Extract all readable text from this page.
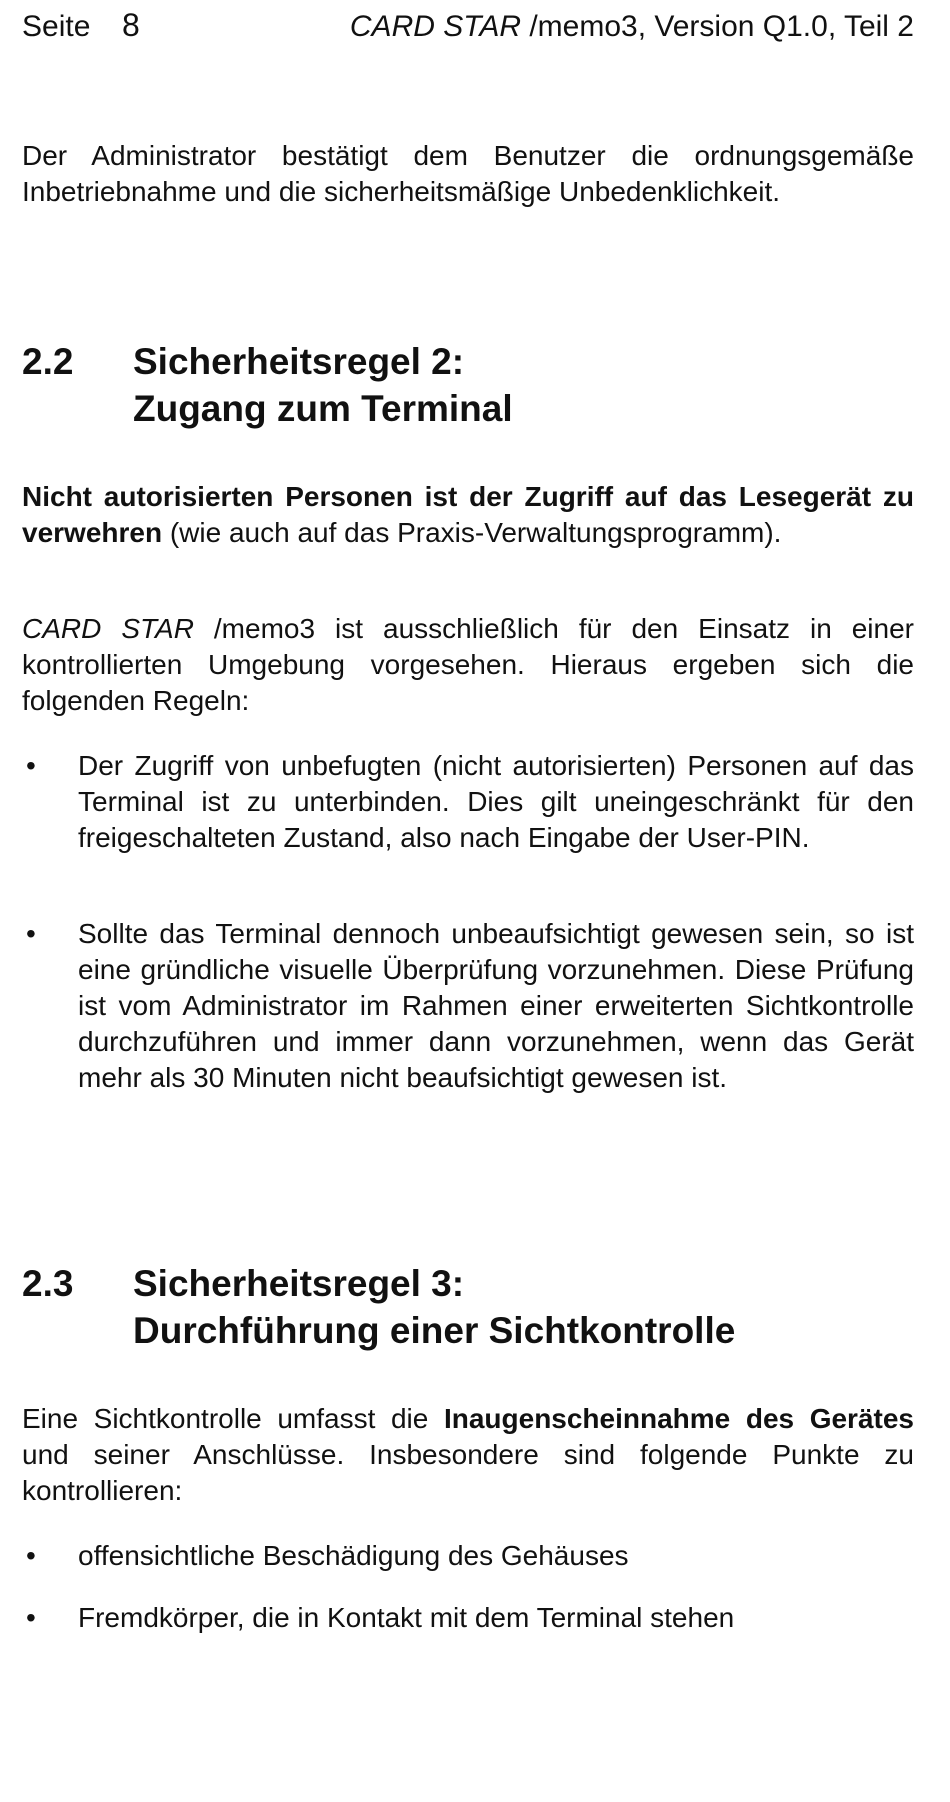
Seite 8	CARD STAR /memo3, Version Q1.0, Teil 2

Der Administrator bestätigt dem Benutzer die ordnungsgemäße Inbetriebnahme und die sicherheitsmäßige Unbedenklichkeit.

2.2 Sicherheitsregel 2:
Zugang zum Terminal

Nicht autorisierten Personen ist der Zugriff auf das Lesegerät zu verwehren (wie auch auf das Praxis-Verwaltungsprogramm).

CARD STAR /memo3 ist ausschließlich für den Einsatz in einer kontrollierten Umgebung vorgesehen. Hieraus ergeben sich die folgenden Regeln:

• Der Zugriff von unbefugten (nicht autorisierten) Personen auf das Terminal ist zu unterbinden. Dies gilt uneingeschränkt für den freigeschalteten Zustand, also nach Eingabe der User-PIN.

• Sollte das Terminal dennoch unbeaufsichtigt gewesen sein, so ist eine gründliche visuelle Überprüfung vorzunehmen. Diese Prüfung ist vom Administrator im Rahmen einer erweiterten Sichtkontrolle durchzuführen und immer dann vorzunehmen, wenn das Gerät mehr als 30 Minuten nicht beaufsichtigt gewesen ist.

2.3 Sicherheitsregel 3:
Durchführung einer Sichtkontrolle

Eine Sichtkontrolle umfasst die Inaugenscheinnahme des Gerätes und seiner Anschlüsse. Insbesondere sind folgende Punkte zu kontrollieren:

• offensichtliche Beschädigung des Gehäuses

• Fremdkörper, die in Kontakt mit dem Terminal stehen
